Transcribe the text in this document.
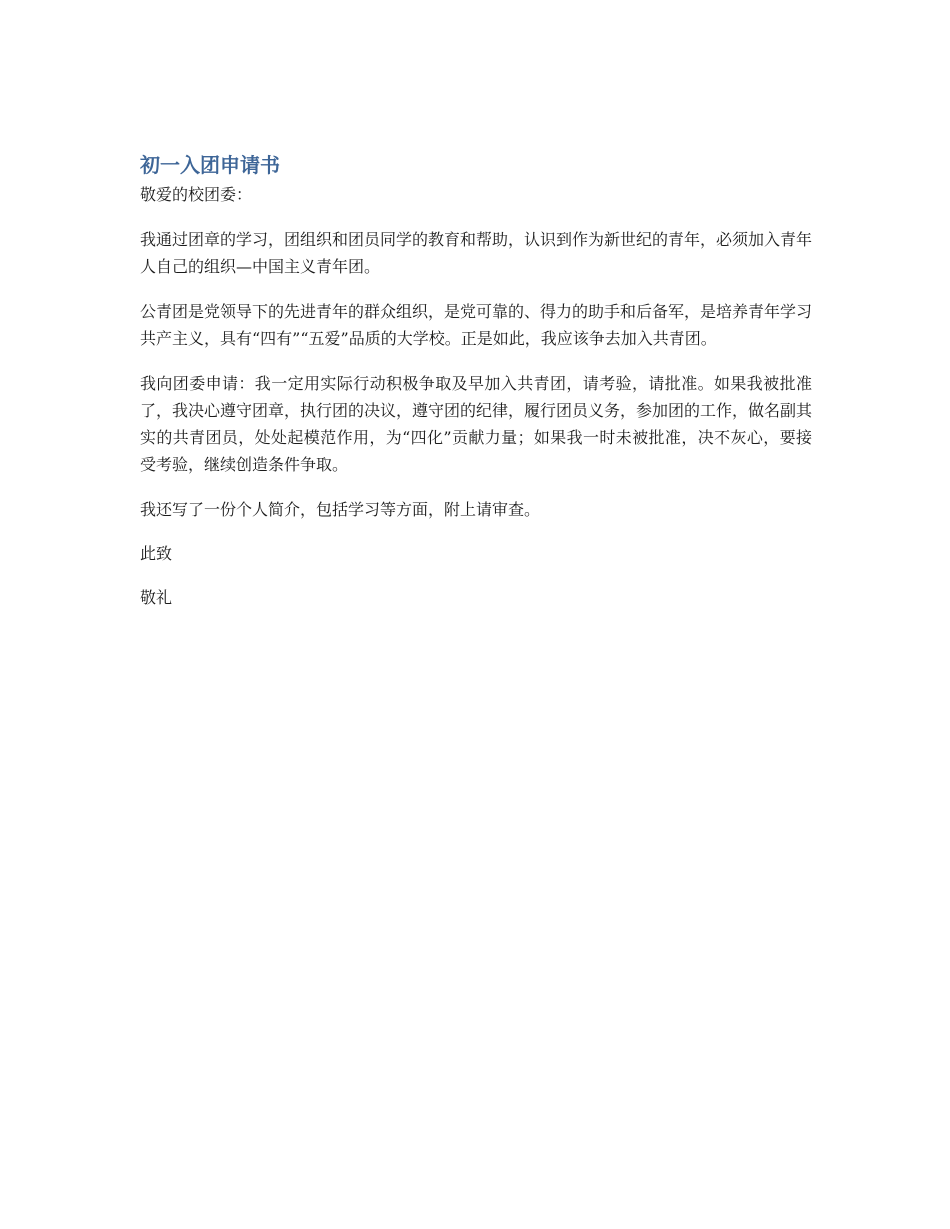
初一入团申请书

敬爱的校团委：

我通过团章的学习，团组织和团员同学的教育和帮助，认识到作为新世纪的青年，必须加入青年人自己的组织—中国主义青年团。

公青团是党领导下的先进青年的群众组织，是党可靠的、得力的助手和后备军，是培养青年学习共产主义，具有“四有”“五爱”品质的大学校。正是如此，我应该争去加入共青团。

我向团委申请：我一定用实际行动积极争取及早加入共青团，请考验，请批准。如果我被批准了，我决心遵守团章，执行团的决议，遵守团的纪律，履行团员义务，参加团的工作，做名副其实的共青团员，处处起模范作用，为“四化”贡献力量；如果我一时未被批准，决不灰心，要接受考验，继续创造条件争取。

我还写了一份个人简介，包括学习等方面，附上请审查。

此致

敬礼
